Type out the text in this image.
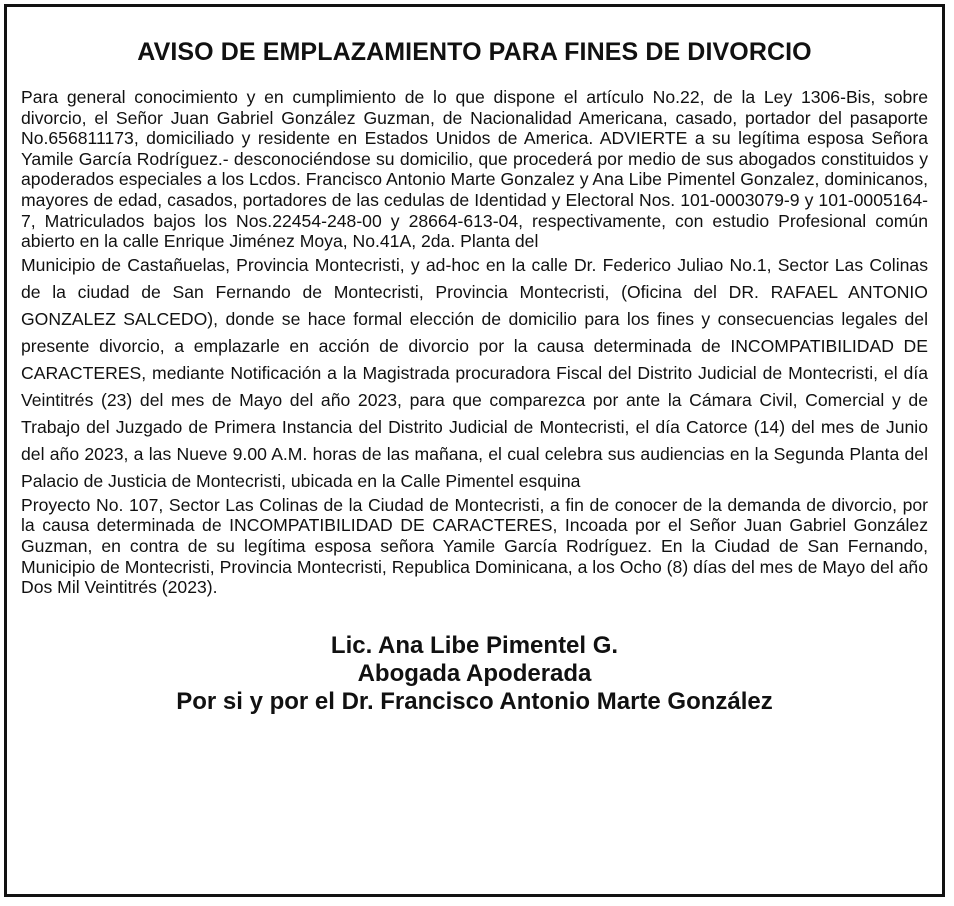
AVISO DE EMPLAZAMIENTO PARA FINES DE DIVORCIO
Para general conocimiento y en cumplimiento de lo que dispone el artículo No.22, de la Ley 1306-Bis, sobre divorcio, el Señor Juan Gabriel González Guzman, de Nacionalidad Americana, casado, portador del pasaporte No.656811173, domiciliado y residente en Estados Unidos de America. ADVIERTE a su legítima esposa Señora Yamile García Rodríguez.- desconociéndose su domicilio, que procederá por medio de sus abogados constituidos y apoderados especiales a los Lcdos. Francisco Antonio Marte Gonzalez y Ana Libe Pimentel Gonzalez, dominicanos, mayores de edad, casados, portadores de las cedulas de Identidad y Electoral Nos. 101-0003079-9 y 101-0005164-7, Matriculados bajos los Nos.22454-248-00 y 28664-613-04, respectivamente, con estudio Profesional común abierto en la calle Enrique Jiménez Moya, No.41A, 2da. Planta del
Municipio de Castañuelas, Provincia Montecristi, y ad-hoc en la calle Dr. Federico Juliao No.1, Sector Las Colinas de la ciudad de San Fernando de Montecristi, Provincia Montecristi, (Oficina del DR. RAFAEL ANTONIO GONZALEZ SALCEDO), donde se hace formal elección de domicilio para los fines y consecuencias legales del presente divorcio, a emplazarle en acción de divorcio por la causa determinada de INCOMPATIBILIDAD DE CARACTERES, mediante Notificación a la Magistrada procuradora Fiscal del Distrito Judicial de Montecristi, el día Veintitrés (23) del mes de Mayo del año 2023, para que comparezca por ante la Cámara Civil, Comercial y de Trabajo del Juzgado de Primera Instancia del Distrito Judicial de Montecristi, el día Catorce (14) del mes de Junio del año 2023, a las Nueve 9.00 A.M. horas de las mañana, el cual celebra sus audiencias en la Segunda Planta del Palacio de Justicia de Montecristi, ubicada en la Calle Pimentel esquina
Proyecto No. 107, Sector Las Colinas de la Ciudad de Montecristi, a fin de conocer de la demanda de divorcio, por la causa determinada de INCOMPATIBILIDAD DE CARACTERES, Incoada por el Señor Juan Gabriel González Guzman, en contra de su legítima esposa señora Yamile García Rodríguez. En la Ciudad de San Fernando, Municipio de Montecristi, Provincia Montecristi, Republica Dominicana, a los Ocho (8) días del mes de Mayo del año Dos Mil Veintitrés (2023).
Lic. Ana Libe Pimentel G.
Abogada Apoderada
Por si y por el Dr. Francisco Antonio Marte González
